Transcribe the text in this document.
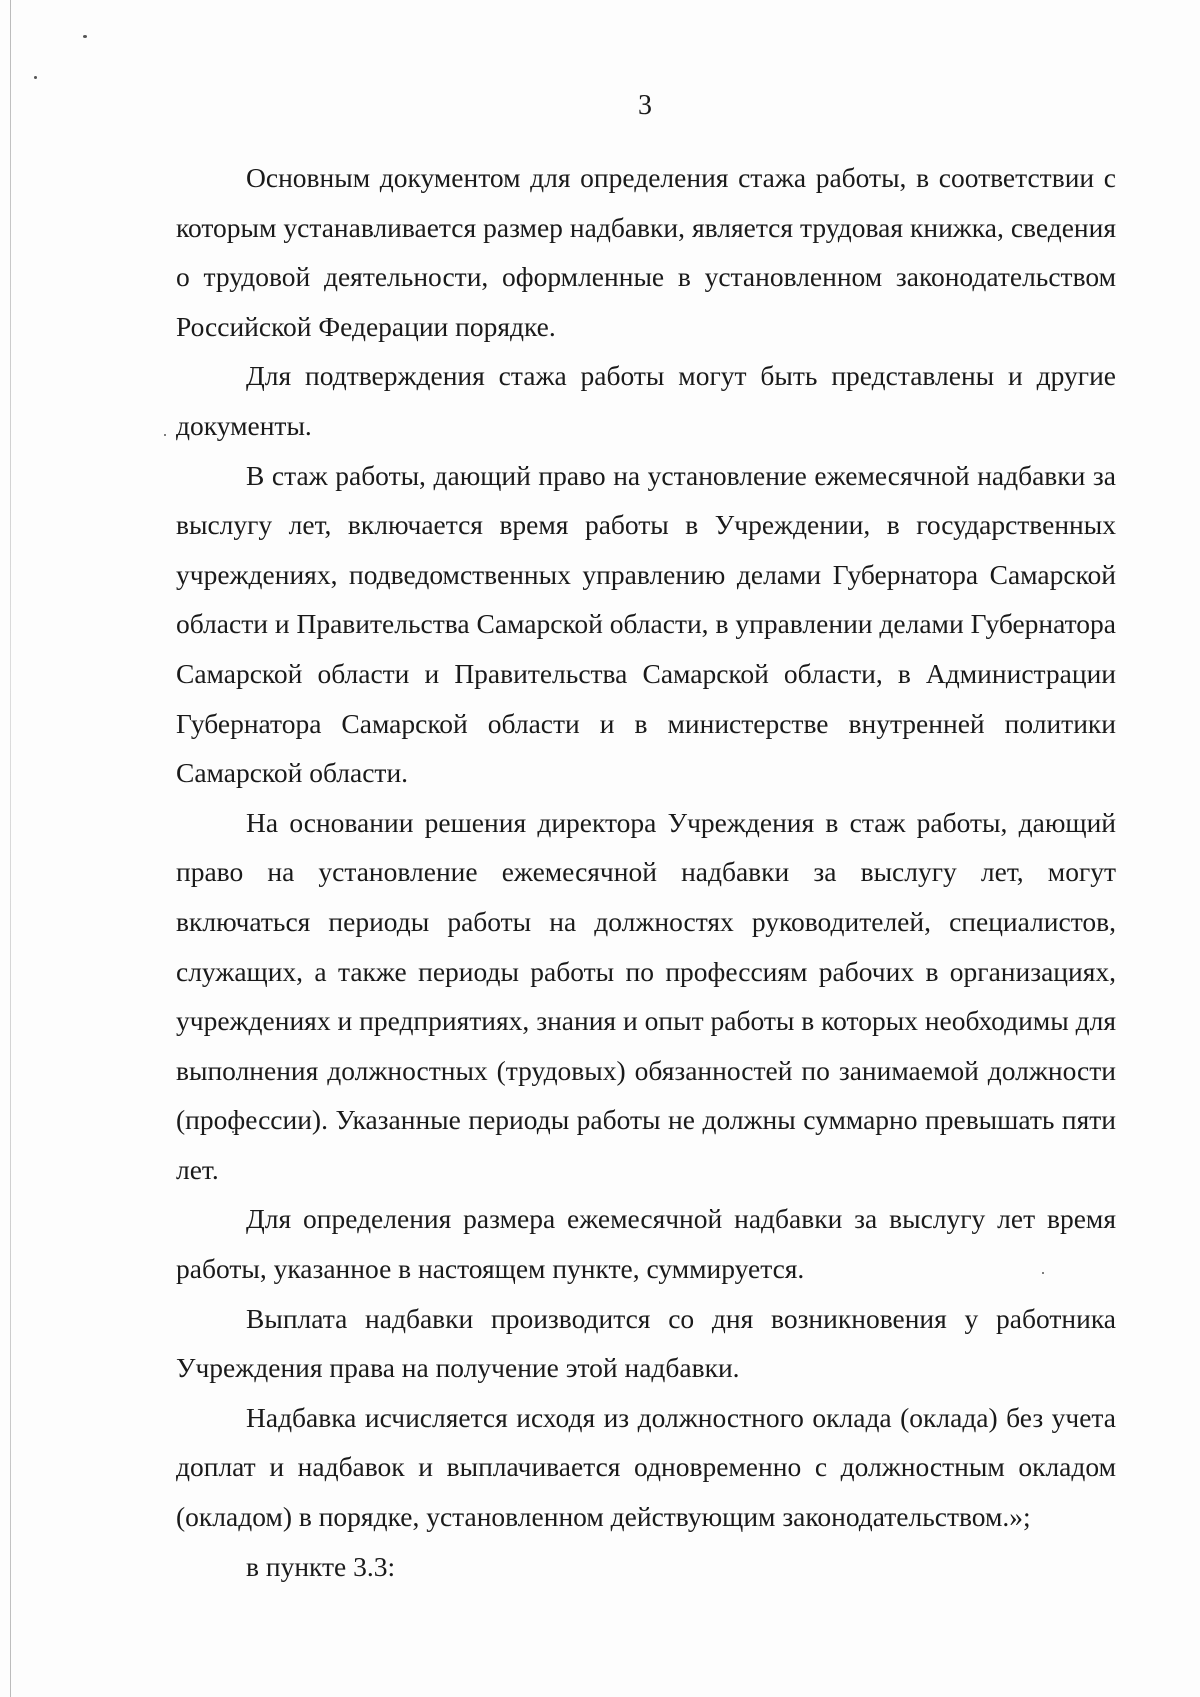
3

Основным документом для определения стажа работы, в соответствии с которым устанавливается размер надбавки, является трудовая книжка, сведения о трудовой деятельности, оформленные в установленном законодательством Российской Федерации порядке.

Для подтверждения стажа работы могут быть представлены и другие документы.

В стаж работы, дающий право на установление ежемесячной надбавки за выслугу лет, включается время работы в Учреждении, в государственных учреждениях, подведомственных управлению делами Губернатора Самарской области и Правительства Самарской области, в управлении делами Губернатора Самарской области и Правительства Самарской области, в Администрации Губернатора Самарской области и в министерстве внутренней политики Самарской области.

На основании решения директора Учреждения в стаж работы, дающий право на установление ежемесячной надбавки за выслугу лет, могут включаться периоды работы на должностях руководителей, специалистов, служащих, а также периоды работы по профессиям рабочих в организациях, учреждениях и предприятиях, знания и опыт работы в которых необходимы для выполнения должностных (трудовых) обязанностей по занимаемой должности (профессии). Указанные периоды работы не должны суммарно превышать пяти лет.

Для определения размера ежемесячной надбавки за выслугу лет время работы, указанное в настоящем пункте, суммируется.

Выплата надбавки производится со дня возникновения у работника Учреждения права на получение этой надбавки.

Надбавка исчисляется исходя из должностного оклада (оклада) без учета доплат и надбавок и выплачивается одновременно с должностным окладом (окладом) в порядке, установленном действующим законодательством.»;

в пункте 3.3:
